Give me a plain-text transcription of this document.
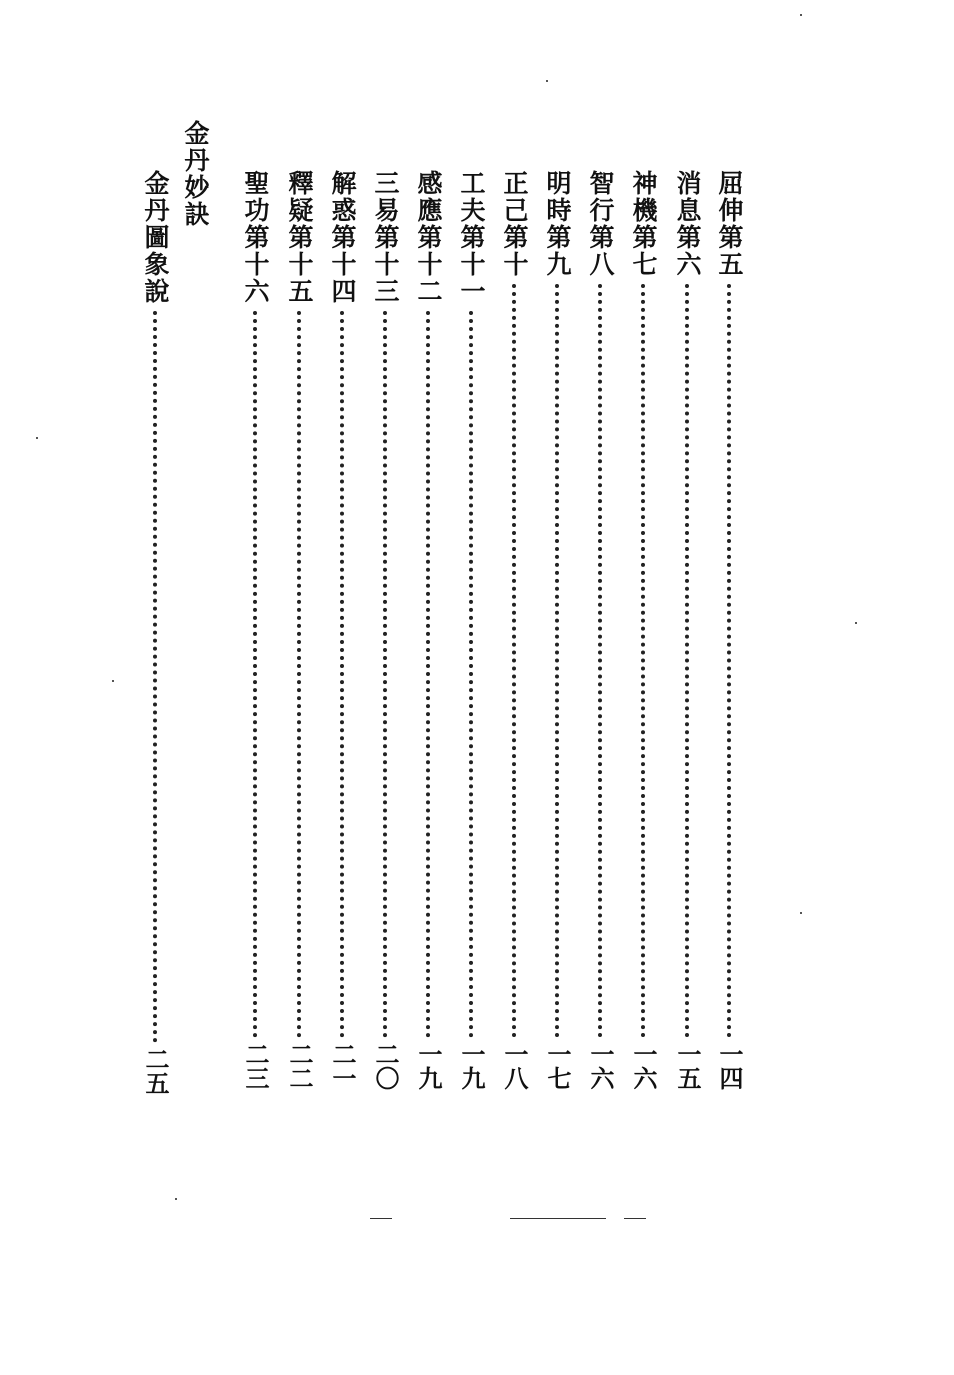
金丹妙訣	屈伸第五
一四
消息第六
一五
神機第七
一六
智行第八
一六
明時第九
一七
正己第十
一八
工夫第十一
一九
感應第十二
一九
三易第十三
二〇
解惑第十四
二一
釋疑第十五
二二
聖功第十六
二三
金丹圖象說
二五
